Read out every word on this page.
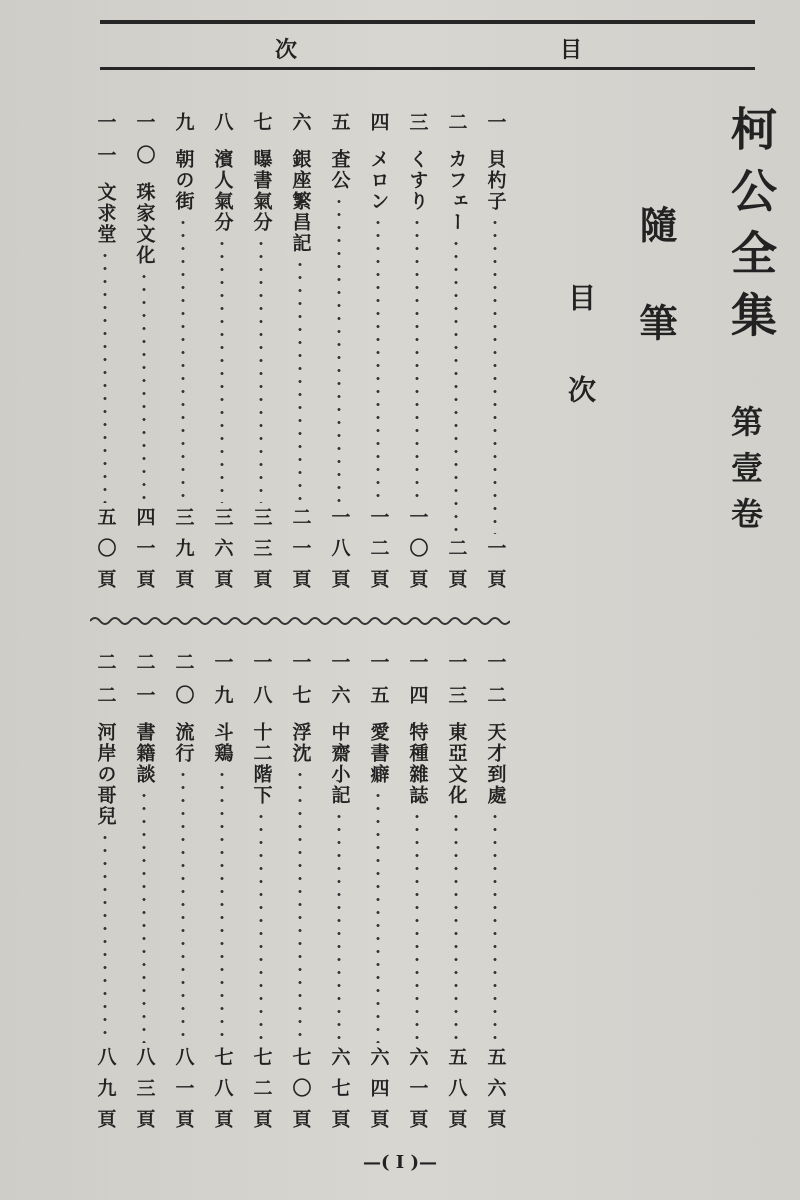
次	目
柯公全集
第壹卷
隨筆
目次
一
貝杓子
一頁
二
カフェー
二頁
三
くすり
一〇頁
四
メロン
一二頁
五
査公
一八頁
六
銀座繁昌記
二一頁
七
曝書氣分
三三頁
八
濱人氣分
三六頁
九
朝の街
三九頁
一〇
珠家文化
四一頁
一一
文求堂
五〇頁
一二
天才到處
五六頁
一三
東亞文化
五八頁
一四
特種雜誌
六一頁
一五
愛書癖
六四頁
一六
中齋小記
六七頁
一七
浮沈
七〇頁
一八
十二階下
七二頁
一九
斗鶏
七八頁
二〇
流行
八一頁
二一
書籍談
八三頁
二二
河岸の哥兒
八九頁
—( I )—
